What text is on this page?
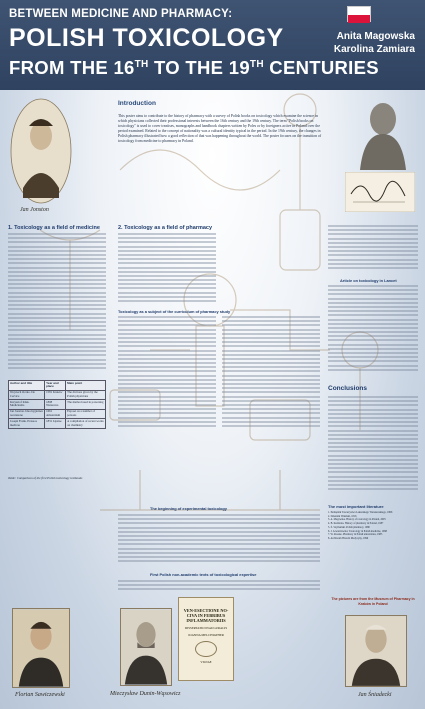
BETWEEN MEDICINE AND PHARMACY:
POLISH TOXICOLOGY
FROM THE 16TH TO THE 19TH CENTURIES
Anita Magowska
Karolina Zamiara
Introduction
This poster aims to contribute to the history of pharmacy with a survey of Polish books on toxicology which examine the science in which physicians collected their professional interests between the 16th century and the 19th century. The term "Polish books on toxicology" is used to cover treatises, monographs and handbook chapters written by Poles or by foreigners active in Poland over the period examined. Related to the concept of nationality was a cultural identity typical in the period. In the 19th century, the changes in Polish pharmacy illustrated how a good reflection of that was happening throughout the world. The poster focuses on the transition of toxicology from medicine to pharmacy in Poland.
Jan Jonston
1. Toxicology as a field of medicine
Author and title	Year and place	Main point
Wojciech Oczko. De Cervice	1581 Kraków	The dictions given by the Polish physicians
Krzysztof Kluk. Medicinalia	1808 Warszawa	The method used in poisoning
Jan Jonston. Idea hygieines recensione	1661 Amsterdam	Exposé on a number of poisons
Joseph Frank. Praxeos medicae	1831 Lipsiae	A compilation of recent works on chemistry
Table: Comparison of the first Polish toxicology textbooks
2. Toxicology as a field of pharmacy
Toxicology as a subject of the curriculum of pharmacy study
The beginning of experimental toxicology
First Polish non-academic texts of toxicological expertise
Article on toxicology in Lancet
Conclusions
The most important literature
1. Pamiętnik Towarzystwa Lekarskiego Warszawskiego, 1866
2. Dziennik Wileński, 1816
3. A. Magowska. History of toxicology in Poland, 2005
4. B. Kuźnicka. History of pharmacy in Poland, 1987
5. Ż. Szymański. Polish pharmacy, 1980
6. J. Lewandowski. Toxicology in Polish medicine, 1998
7. W. Roeske. Pharmacy in Polish universities, 1985
8. Archiwum Historii Medycyny, 1999
The pictures are from the Museum of Pharmacy in Kraków in Poland
Florian Sawiczewski	Mieczysław Dunin-Wąsowicz
VEN-ESECTIONE NO- CIVA IN FEBRIBUS INFLAMMATORIIS
DISSERTATIO INAUGURALIS
JOANNA MELCHIATHER
VILNAE
Jan Śniadecki
